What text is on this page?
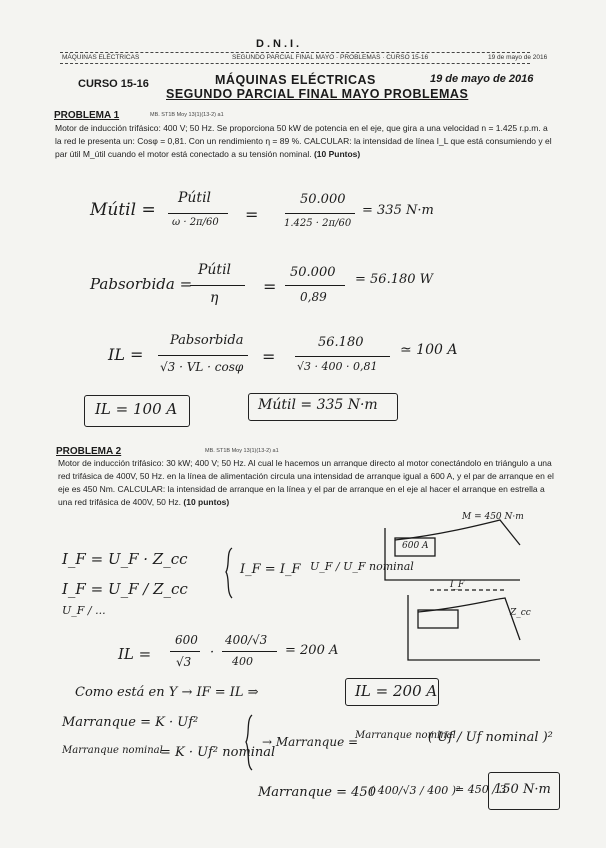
D.N.I.
MÁQUINAS ELÉCTRICAS	SEGUNDO PARCIAL FINAL MAYO · PROBLEMAS · CURSO 15-16	19 de mayo de 2016
CURSO 15-16	MÁQUINAS ELÉCTRICAS
SEGUNDO PARCIAL FINAL MAYO PROBLEMAS
19 de mayo de 2016
PROBLEMA 1	MB. ST1B Moy 13(1)(13-2) a1
Motor de inducción trifásico: 400 V; 50 Hz. Se proporciona 50 kW de potencia en el eje, que gira a una velocidad n = 1.425 r.p.m. a la red le presenta un: Cosφ = 0,81. Con un rendimiento η = 89 %. CALCULAR: la intensidad de línea I_L que está consumiendo y el par útil M_útil cuando el motor está conectado a su tensión nominal. (10 Puntos)
Mútil =
Pútil
ω · 2π/60 =
50.000
1.425 · 2π/60
= 335 N·m
Pabsorbida =
Pútil
η
=
50.000
0,89
= 56.180 W
IL =
Pabsorbida
√3 · VL · cosφ
=
56.180
√3 · 400 · 0,81
≃ 100 A
IL = 100 A	Mútil = 335 N·m
PROBLEMA 2	MB. ST1B Moy 13(1)(13-2) a1
Motor de inducción trifásico: 30 kW; 400 V; 50 Hz. Al cual le hacemos un arranque directo al motor conectándolo en triángulo a una red trifásica de 400V, 50 Hz. en la línea de alimentación circula una intensidad de arranque igual a 600 A, y el par de arranque en el eje es 450 Nm. CALCULAR: la intensidad de arranque en la línea y el par de arranque en el eje al hacer el arranque en estrella a una red trifásica de 400V, 50 Hz. (10 puntos)
I_F = U_F · Z_cc
I_F = U_F / Z_cc
U_F / ...
I_F = I_F U_F / U_F nominal
IL =
600
√3
·
400/√3
400
= 200 A
Como está en Y → IF = IL ⇒	IL = 200 A
Marranque = K · Uf²
Marranque nominal
= K · Uf² nominal
→ Marranque =
Marranque nominal
( Uf / Uf nominal )²
Marranque = 450
( 400/√3 / 400 )²
= 450 / 3
150 N·m
600 A
M = 450 N·m
I_F
Z_cc
